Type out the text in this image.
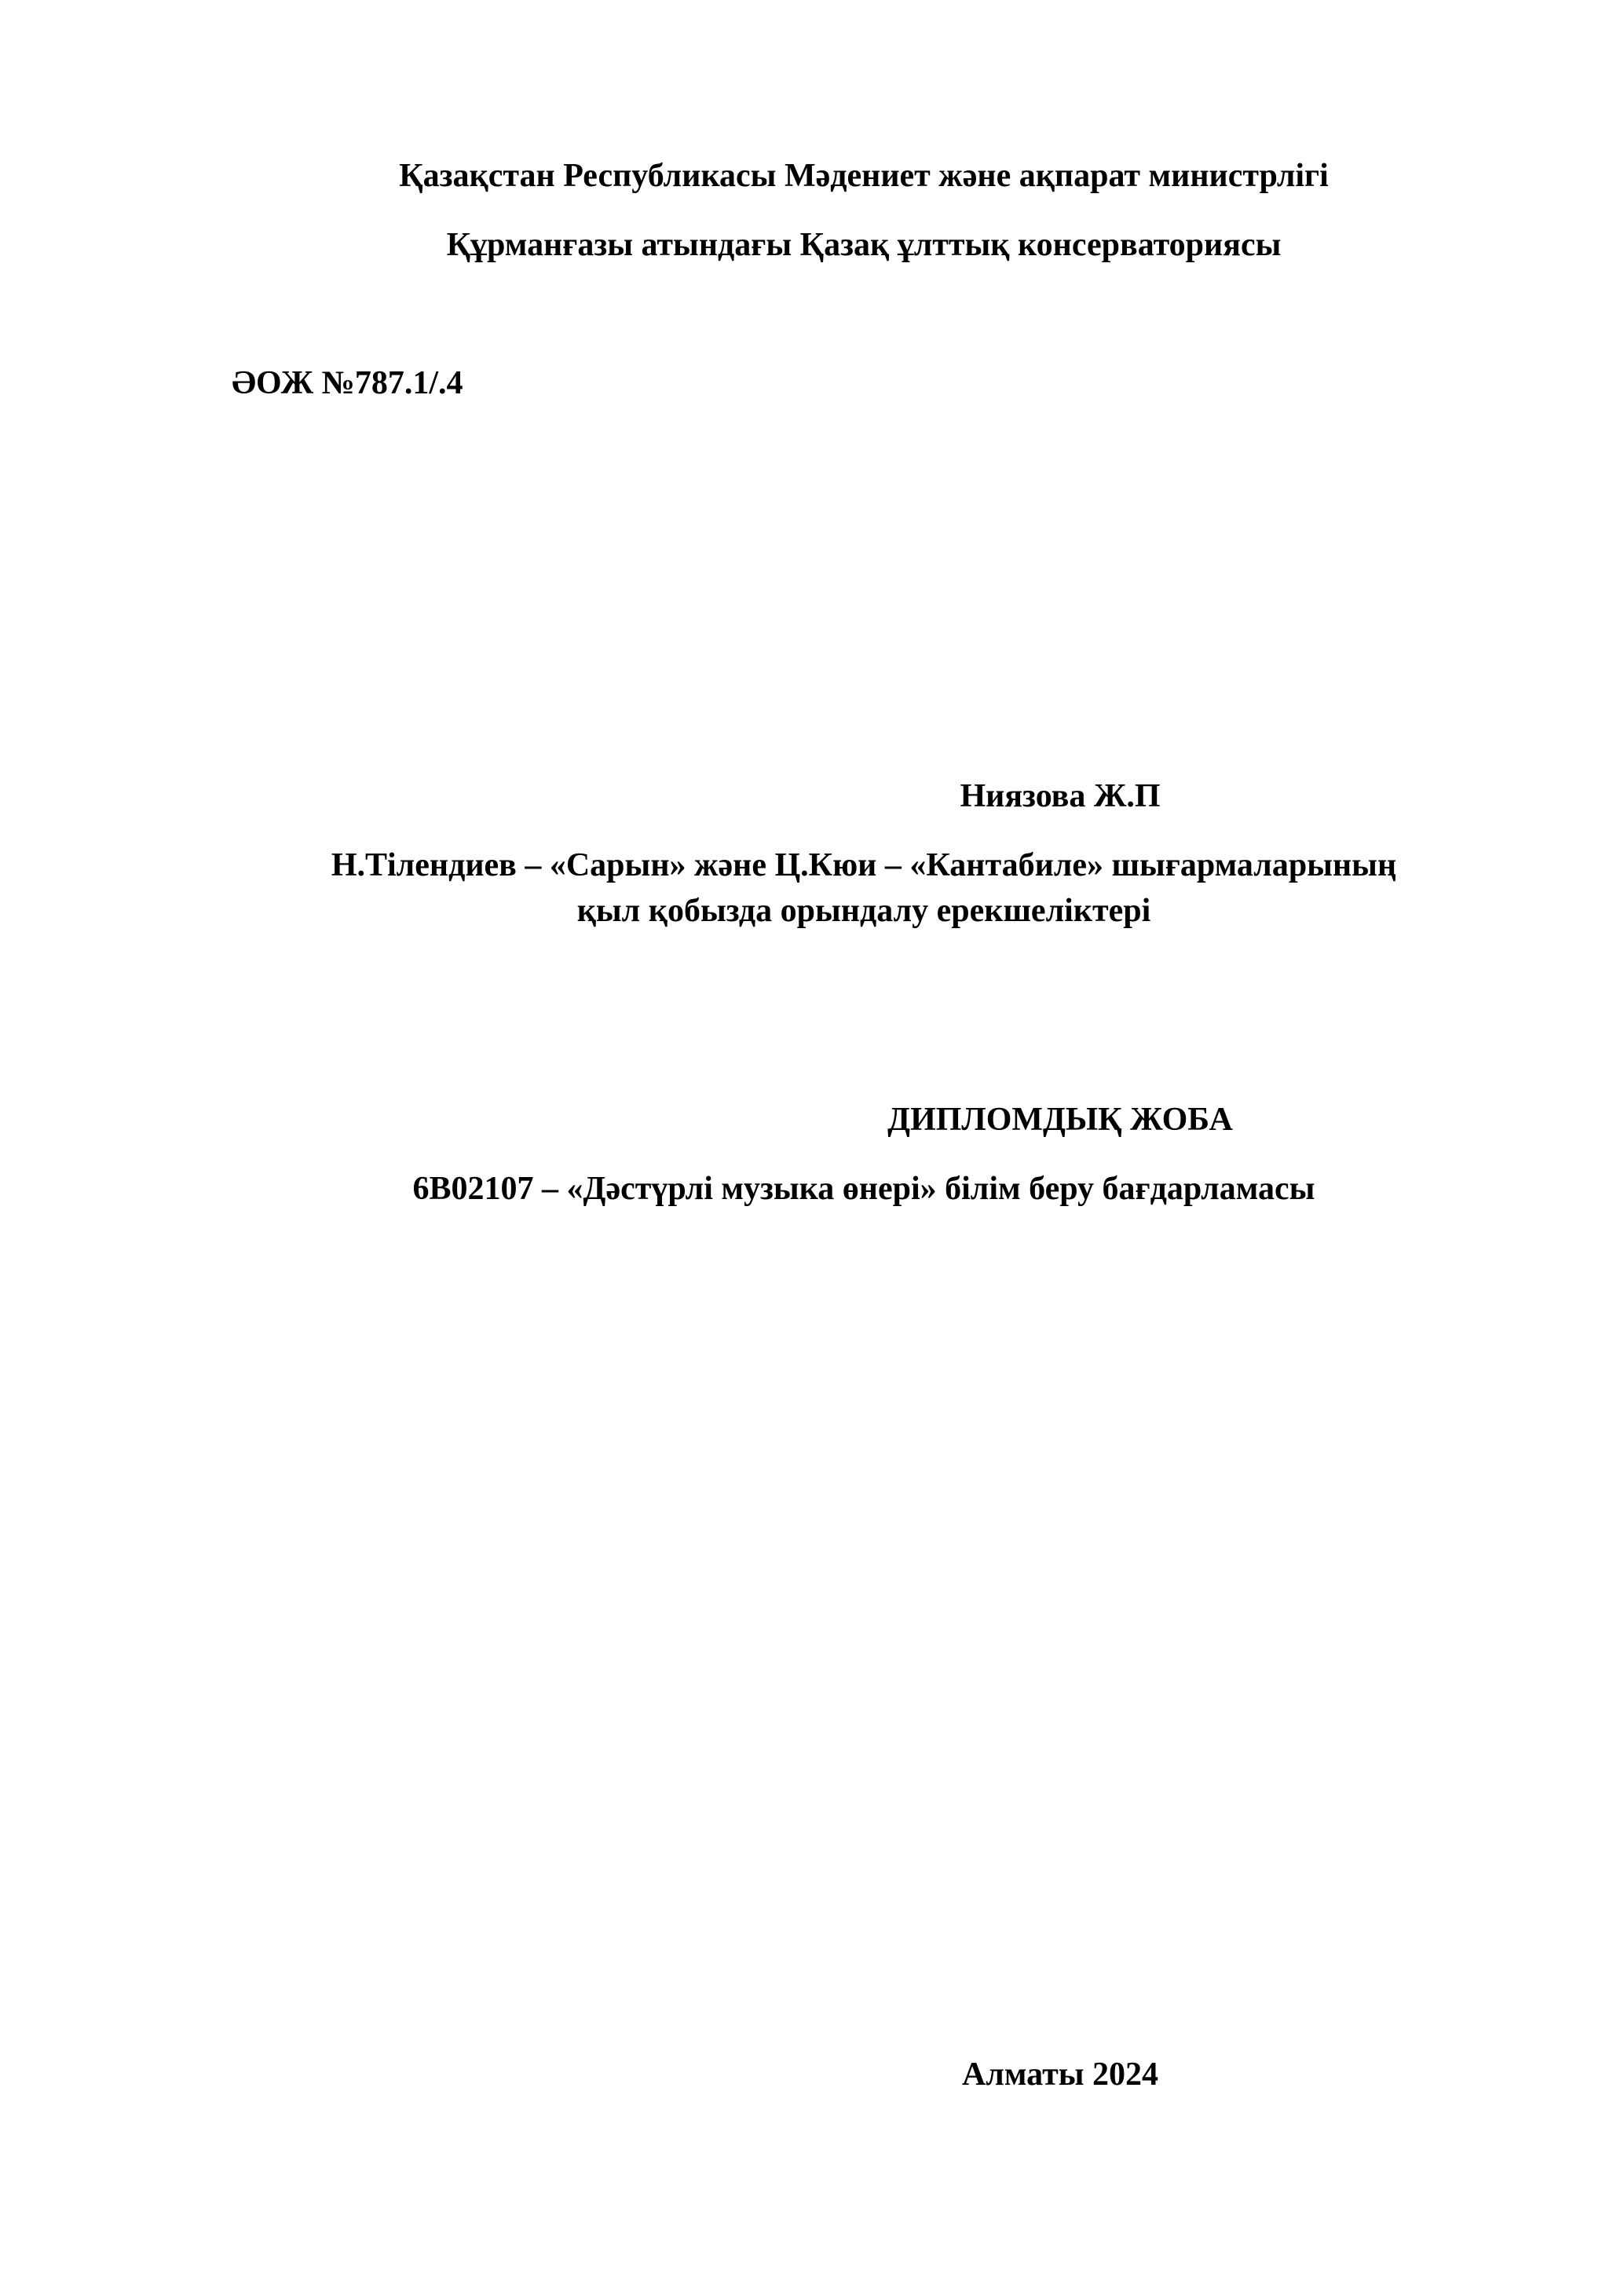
Қазақстан Республикасы Мәдениет және ақпарат министрлігі
Құрманғазы атындағы Қазақ ұлттық консерваториясы
ӘОЖ №787.1/.4
Ниязова Ж.П
Н.Тілендиев – «Сарын» және Ц.Кюи – «Кантабиле» шығармаларының
қыл қобызда орындалу ерекшеліктері
ДИПЛОМДЫҚ ЖОБА
6В02107 – «Дәстүрлі музыка өнері» білім беру бағдарламасы
Алматы 2024
